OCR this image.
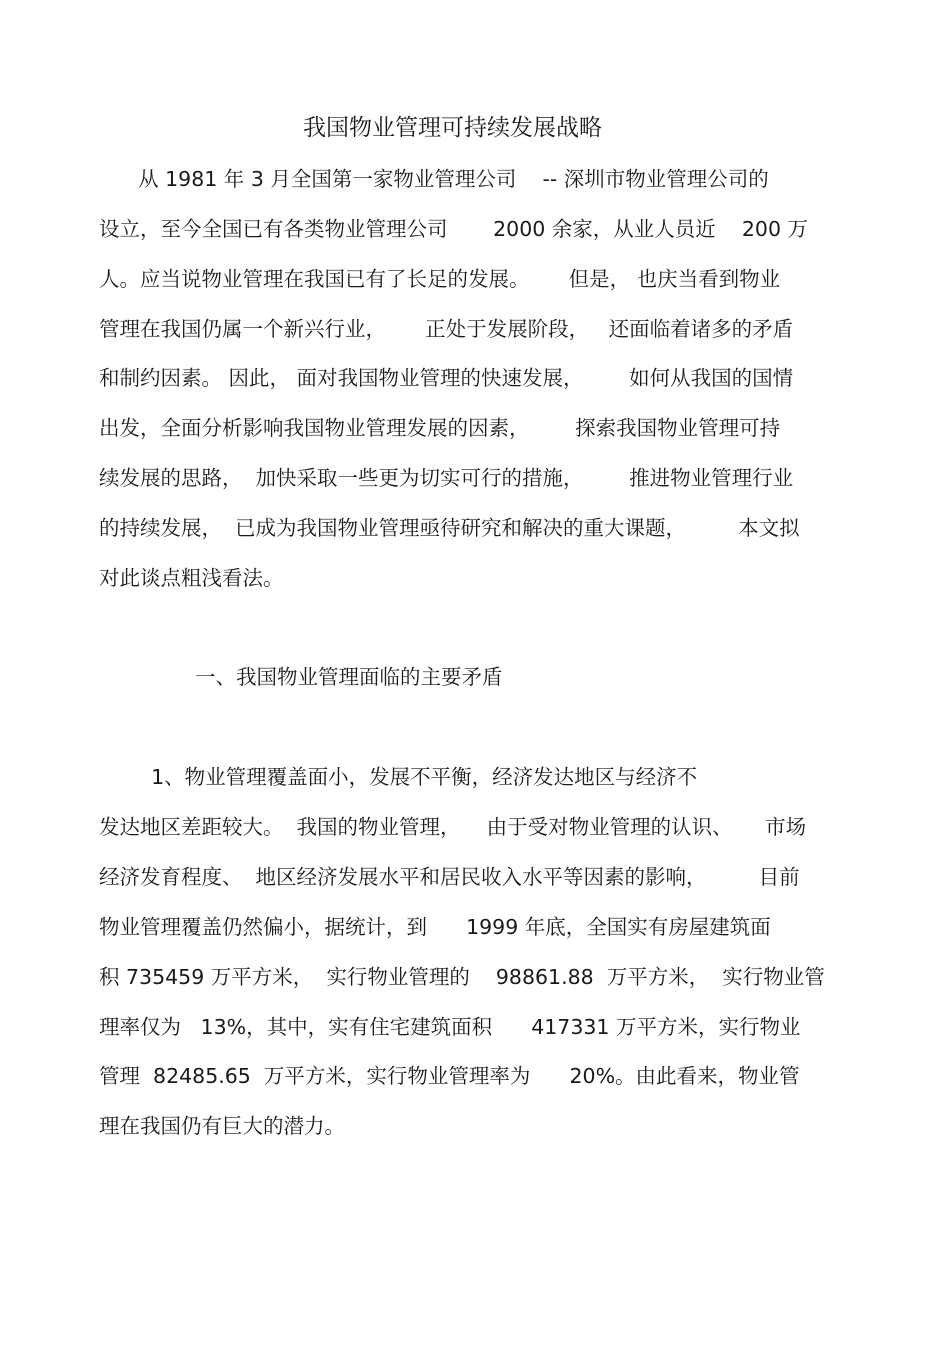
我国物业管理可持续发展战略
从 1981 年 3 月全国第一家物业管理公司    -- 深圳市物业管理公司的
设立，至今全国已有各类物业管理公司       2000 余家，从业人员近    200 万
人。应当说物业管理在我国已有了长足的发展。      但是， 也庆当看到物业
管理在我国仍属一个新兴行业，      正处于发展阶段，   还面临着诸多的矛盾
和制约因素。 因此， 面对我国物业管理的快速发展，       如何从我国的国情
出发，全面分析影响我国物业管理发展的因素，       探索我国物业管理可持
续发展的思路，  加快采取一些更为切实可行的措施，       推进物业管理行业
的持续发展，  已成为我国物业管理亟待研究和解决的重大课题，        本文拟
对此谈点粗浅看法。
一、我国物业管理面临的主要矛盾
1、物业管理覆盖面小，发展不平衡，经济发达地区与经济不
发达地区差距较大。  我国的物业管理，    由于受对物业管理的认识、     市场
经济发育程度、  地区经济发展水平和居民收入水平等因素的影响，        目前
物业管理覆盖仍然偏小，据统计，到      1999 年底，全国实有房屋建筑面
积 735459 万平方米，  实行物业管理的    98861.88  万平方米，  实行物业管
理率仅为   13%，其中，实有住宅建筑面积      417331 万平方米，实行物业
管理  82485.65  万平方米，实行物业管理率为      20%。由此看来，物业管
理在我国仍有巨大的潜力。
